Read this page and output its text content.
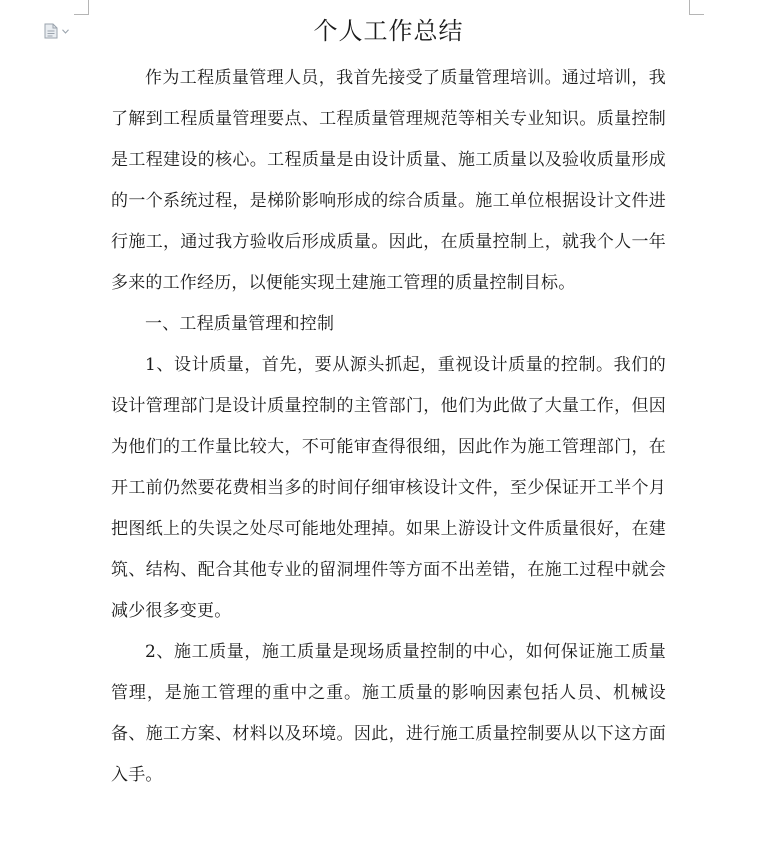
个人工作总结

作为工程质量管理人员，我首先接受了质量管理培训。通过培训，我了解到工程质量管理要点、工程质量管理规范等相关专业知识。质量控制是工程建设的核心。工程质量是由设计质量、施工质量以及验收质量形成的一个系统过程，是梯阶影响形成的综合质量。施工单位根据设计文件进行施工，通过我方验收后形成质量。因此，在质量控制上，就我个人一年多来的工作经历，以便能实现土建施工管理的质量控制目标。

一、工程质量管理和控制

1、设计质量，首先，要从源头抓起，重视设计质量的控制。我们的设计管理部门是设计质量控制的主管部门，他们为此做了大量工作，但因为他们的工作量比较大，不可能审查得很细，因此作为施工管理部门，在开工前仍然要花费相当多的时间仔细审核设计文件，至少保证开工半个月把图纸上的失误之处尽可能地处理掉。如果上游设计文件质量很好，在建筑、结构、配合其他专业的留洞埋件等方面不出差错，在施工过程中就会减少很多变更。

2、施工质量，施工质量是现场质量控制的中心，如何保证施工质量管理，是施工管理的重中之重。施工质量的影响因素包括人员、机械设备、施工方案、材料以及环境。因此，进行施工质量控制要从以下这方面入手。
